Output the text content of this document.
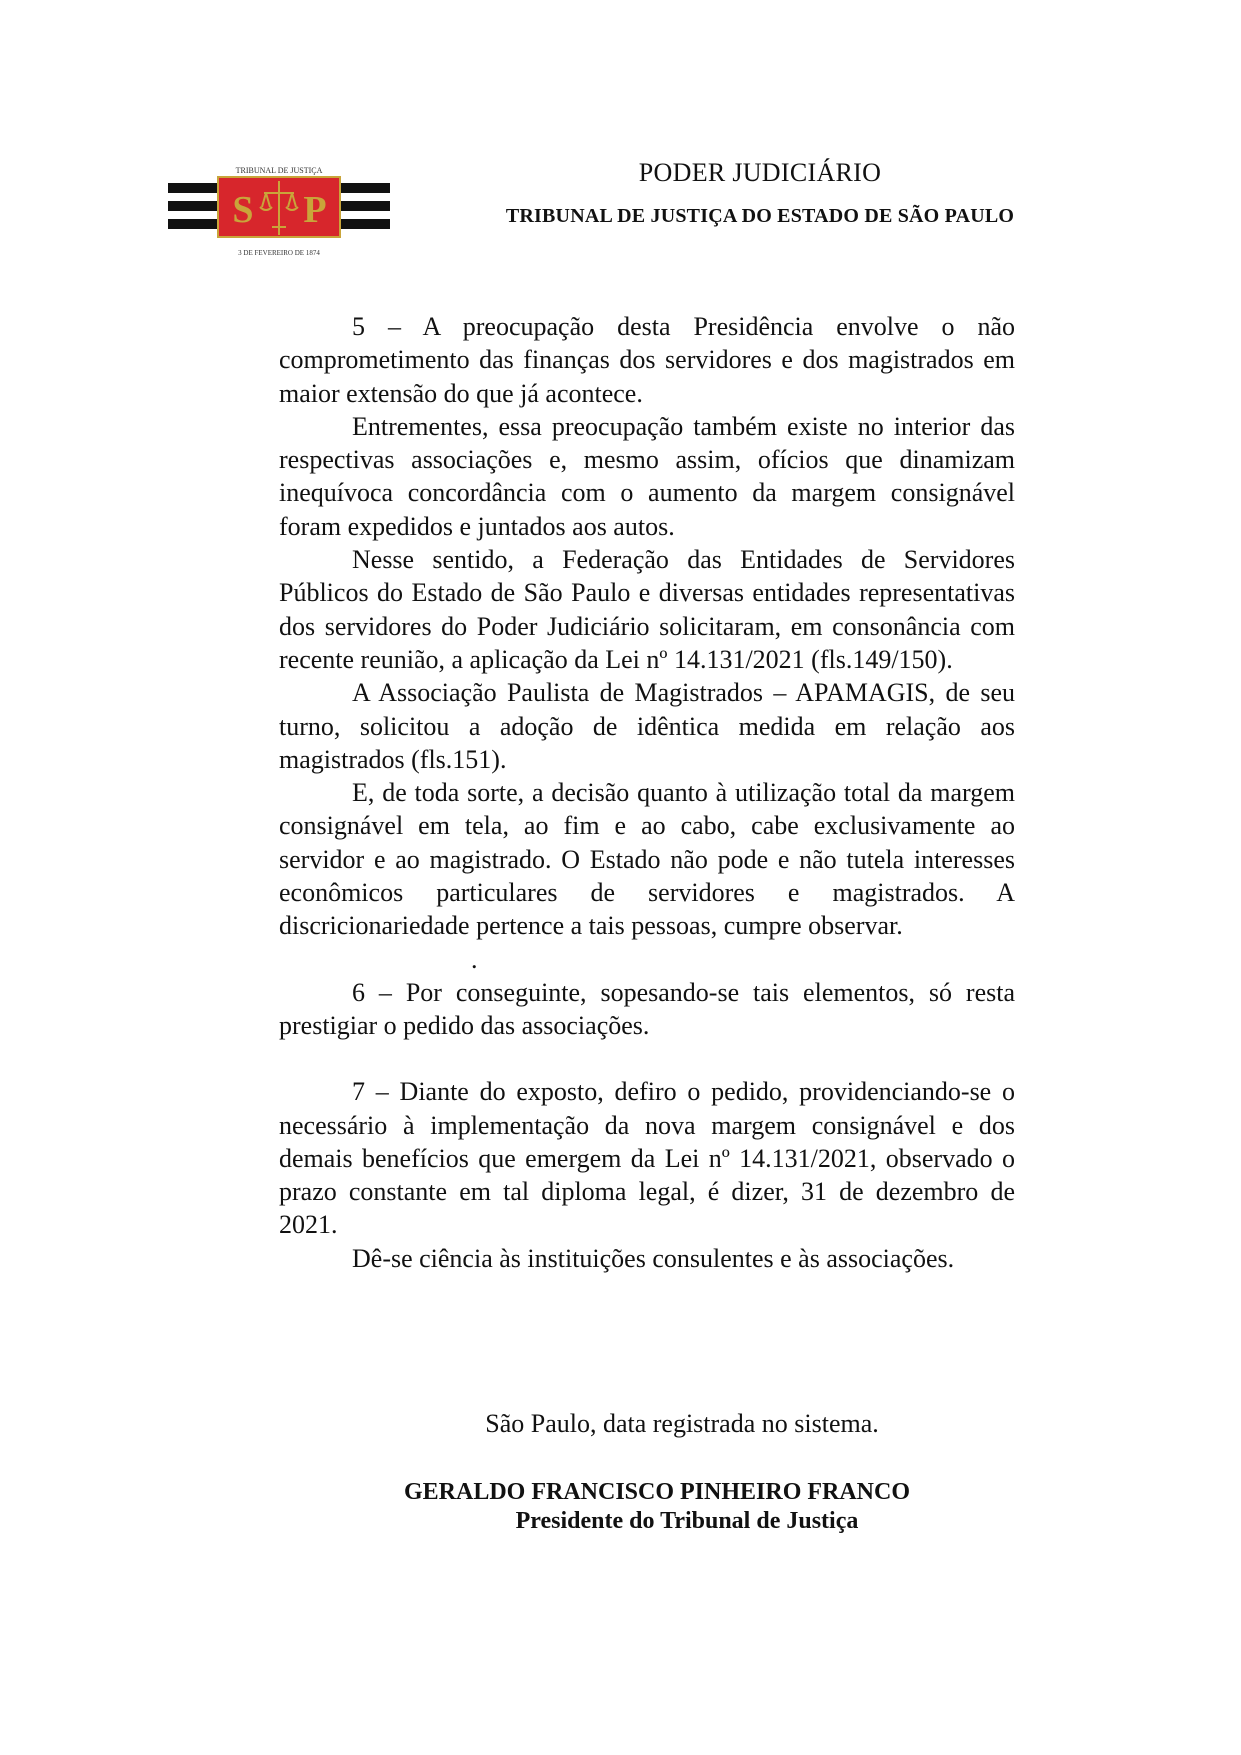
TRIBUNAL DE JUSTIÇA
S P
3 DE FEVEREIRO DE 1874
PODER JUDICIÁRIO
TRIBUNAL DE JUSTIÇA DO ESTADO DE SÃO PAULO

5 – A preocupação desta Presidência envolve o não comprometimento das finanças dos servidores e dos magistrados em maior extensão do que já acontece.

Entrementes, essa preocupação também existe no interior das respectivas associações e, mesmo assim, ofícios que dinamizam inequívoca concordância com o aumento da margem consignável foram expedidos e juntados aos autos.

Nesse sentido, a Federação das Entidades de Servidores Públicos do Estado de São Paulo e diversas entidades representativas dos servidores do Poder Judiciário solicitaram, em consonância com recente reunião, a aplicação da Lei nº 14.131/2021 (fls.149/150).

A Associação Paulista de Magistrados – APAMAGIS, de seu turno, solicitou a adoção de idêntica medida em relação aos magistrados (fls.151).

E, de toda sorte, a decisão quanto à utilização total da margem consignável em tela, ao fim e ao cabo, cabe exclusivamente ao servidor e ao magistrado. O Estado não pode e não tutela interesses econômicos particulares de servidores e magistrados. A discricionariedade pertence a tais pessoas, cumpre observar.

.

6 – Por conseguinte, sopesando-se tais elementos, só resta prestigiar o pedido das associações.

7 – Diante do exposto, defiro o pedido, providenciando-se o necessário à implementação da nova margem consignável e dos demais benefícios que emergem da Lei nº 14.131/2021, observado o prazo constante em tal diploma legal, é dizer, 31 de dezembro de 2021.

Dê-se ciência às instituições consulentes e às associações.

São Paulo, data registrada no sistema.

GERALDO FRANCISCO PINHEIRO FRANCO

Presidente do Tribunal de Justiça
